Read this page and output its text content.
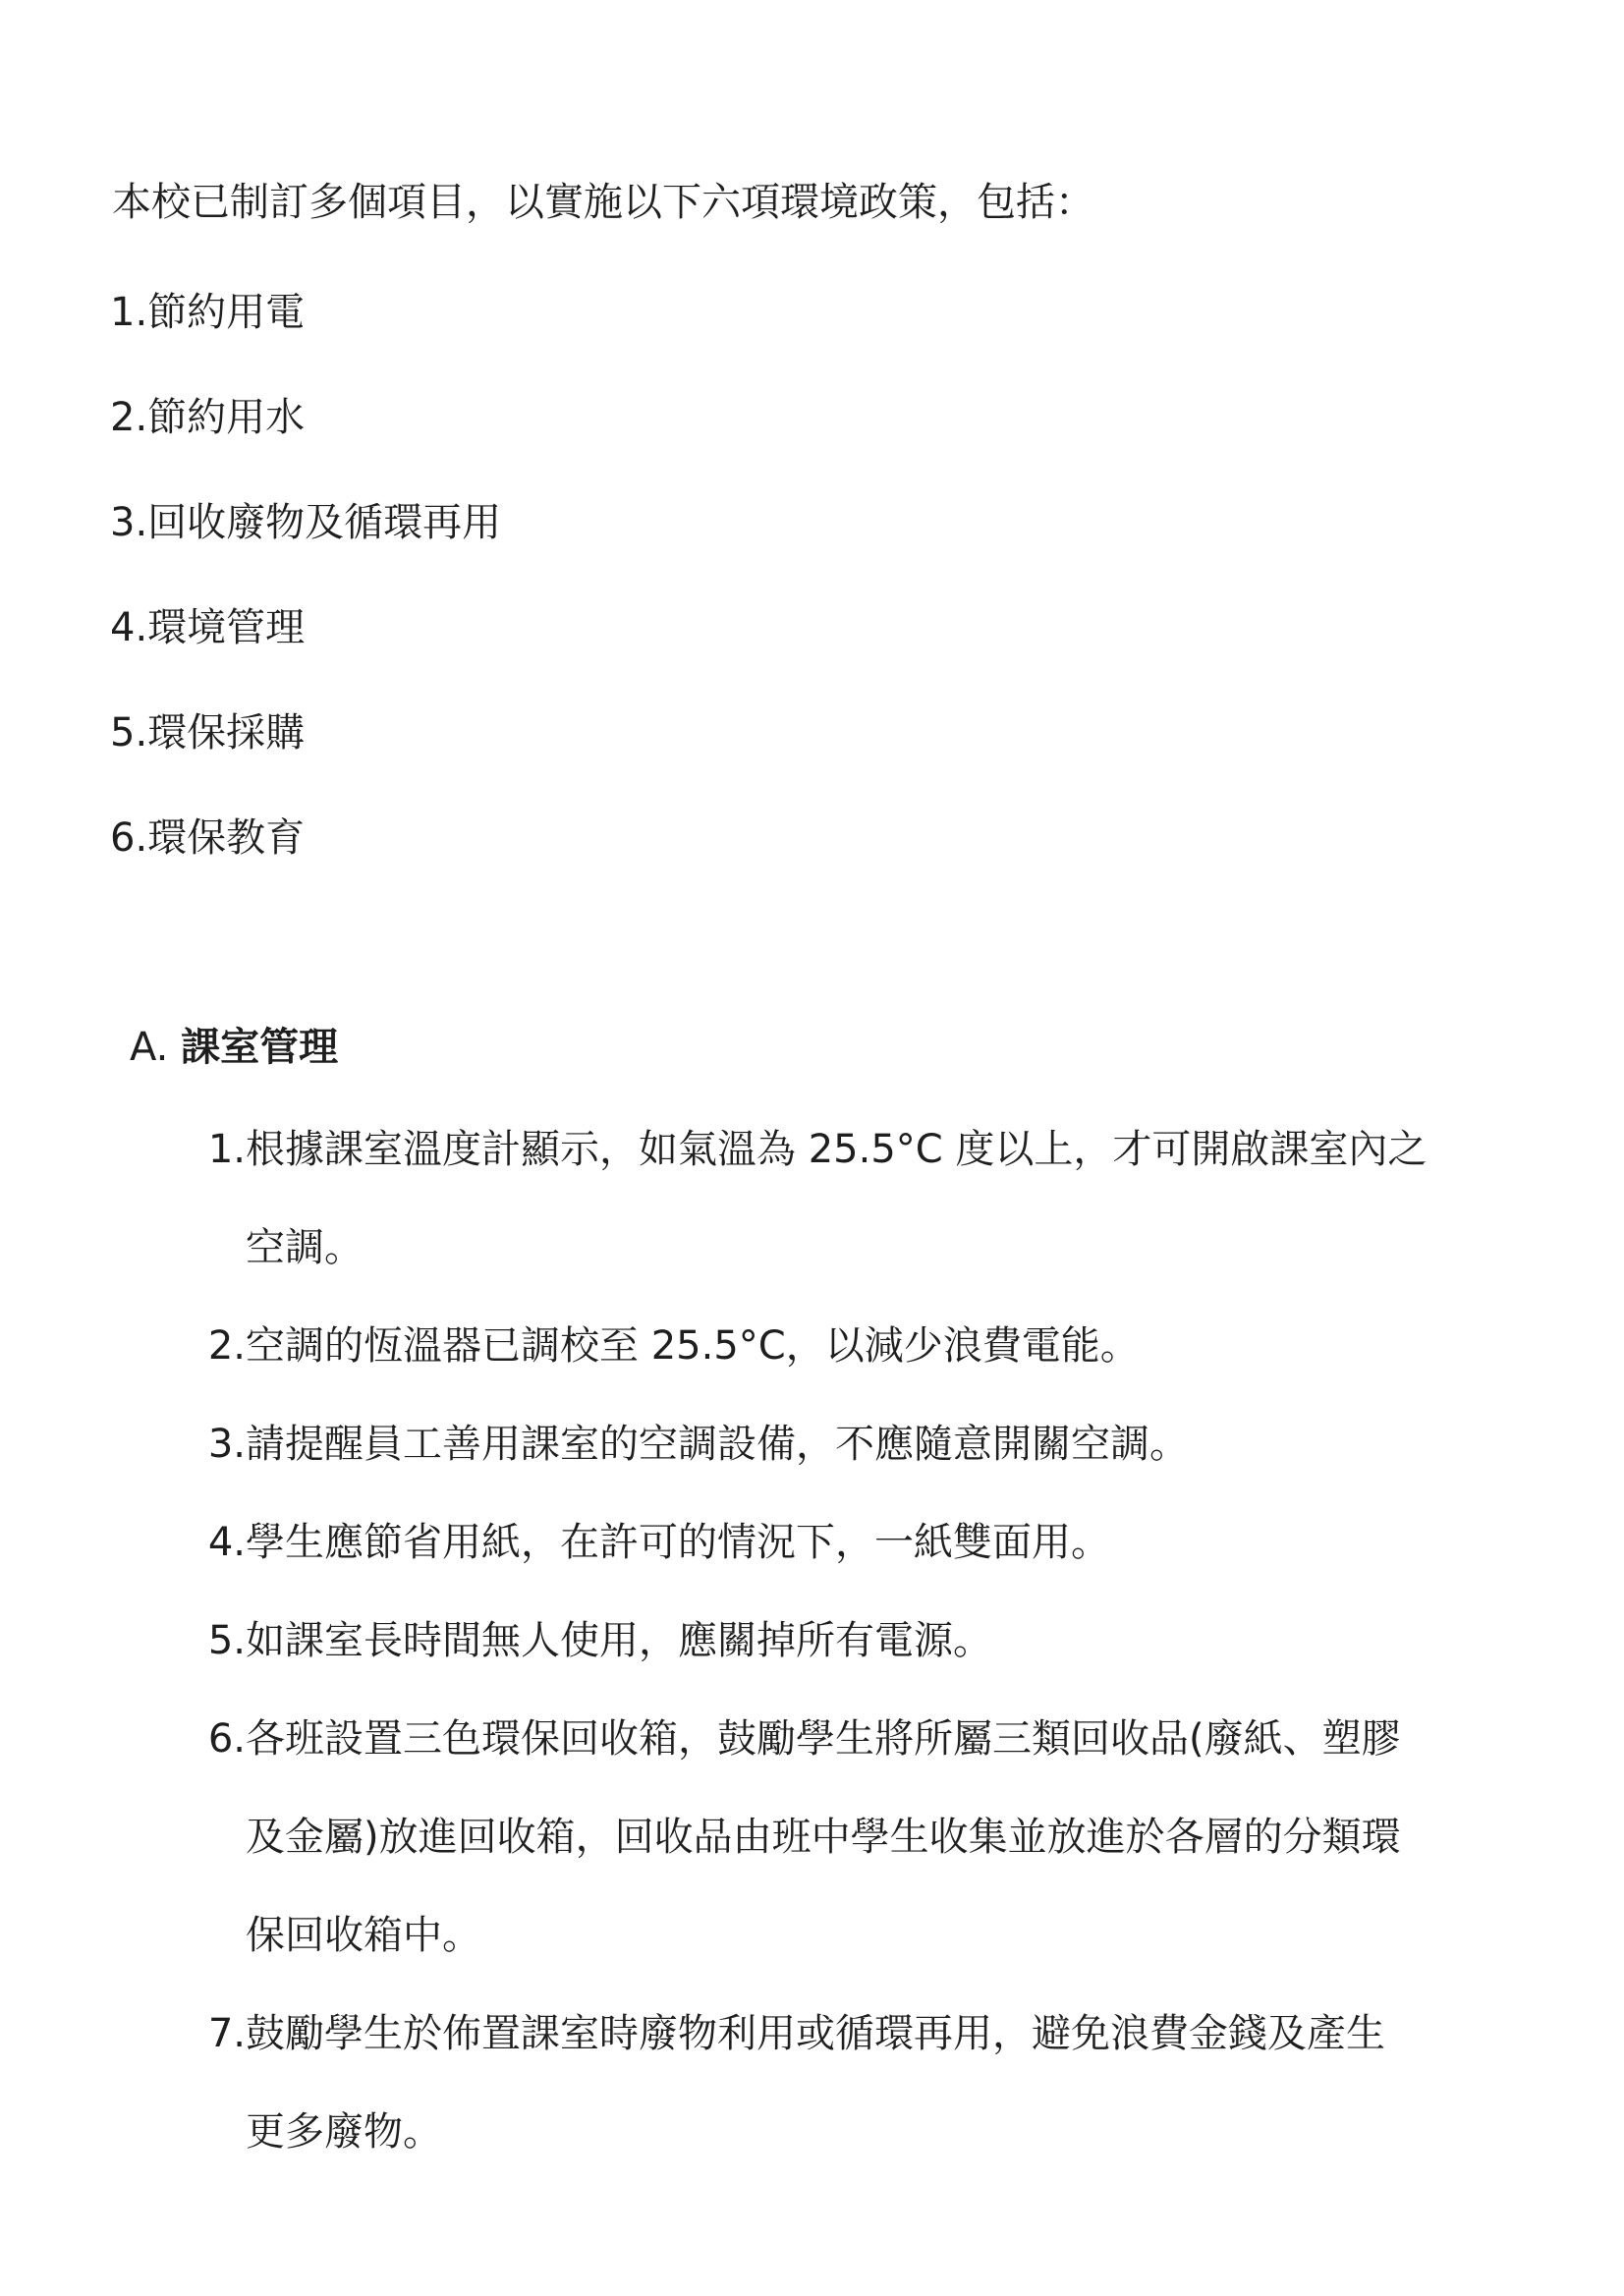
本校已制訂多個項目，以實施以下六項環境政策，包括：

1.節約用電
2.節約用水
3.回收廢物及循環再用
4.環境管理
5.環保採購
6.環保教育
A. 課室管理
1. 根據課室溫度計顯示，如氣溫為 25.5°C 度以上，才可開啟課室內之
空調。
2. 空調的恆溫器已調校至 25.5°C，以減少浪費電能。
3. 請提醒員工善用課室的空調設備，不應隨意開關空調。
4. 學生應節省用紙，在許可的情況下，一紙雙面用。
5. 如課室長時間無人使用，應關掉所有電源。
6. 各班設置三色環保回收箱，鼓勵學生將所屬三類回收品(廢紙、塑膠
及金屬)放進回收箱，回收品由班中學生收集並放進於各層的分類環
保回收箱中。
7. 鼓勵學生於佈置課室時廢物利用或循環再用，避免浪費金錢及產生
更多廢物。
